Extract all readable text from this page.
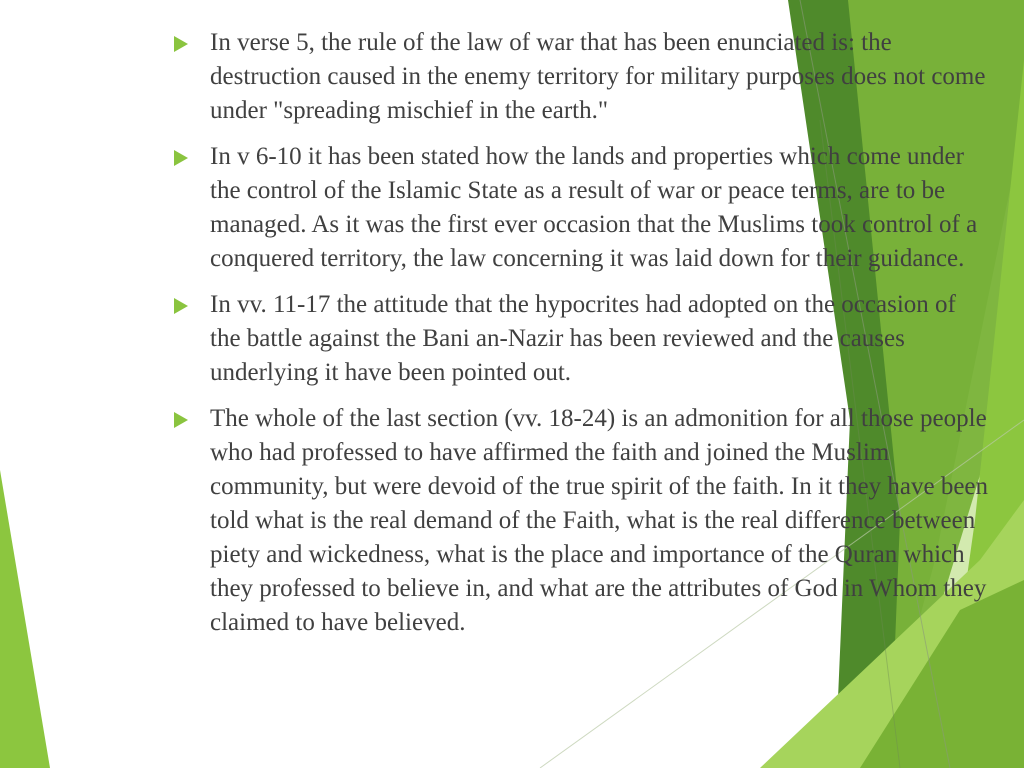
In verse 5, the rule of the law of war that has been enunciated is: the destruction caused in the enemy territory for military purposes does not come under "spreading mischief in the earth."

In v 6-10 it has been stated how the lands and properties which come under the control of the Islamic State as a result of war or peace terms, are to be managed. As it was the first ever occasion that the Muslims took control of a conquered territory, the law concerning it was laid down for their guidance.

In vv. 11-17 the attitude that the hypocrites had adopted on the occasion of the battle against the Bani an-Nazir has been reviewed and the causes underlying it have been pointed out.

The whole of the last section (vv. 18-24) is an admonition for all those people who had professed to have affirmed the faith and joined the Muslim community, but were devoid of the true spirit of the faith. In it they have been told what is the real demand of the Faith, what is the real difference between piety and wickedness, what is the place and importance of the Quran which they professed to believe in, and what are the attributes of God in Whom they claimed to have believed.
